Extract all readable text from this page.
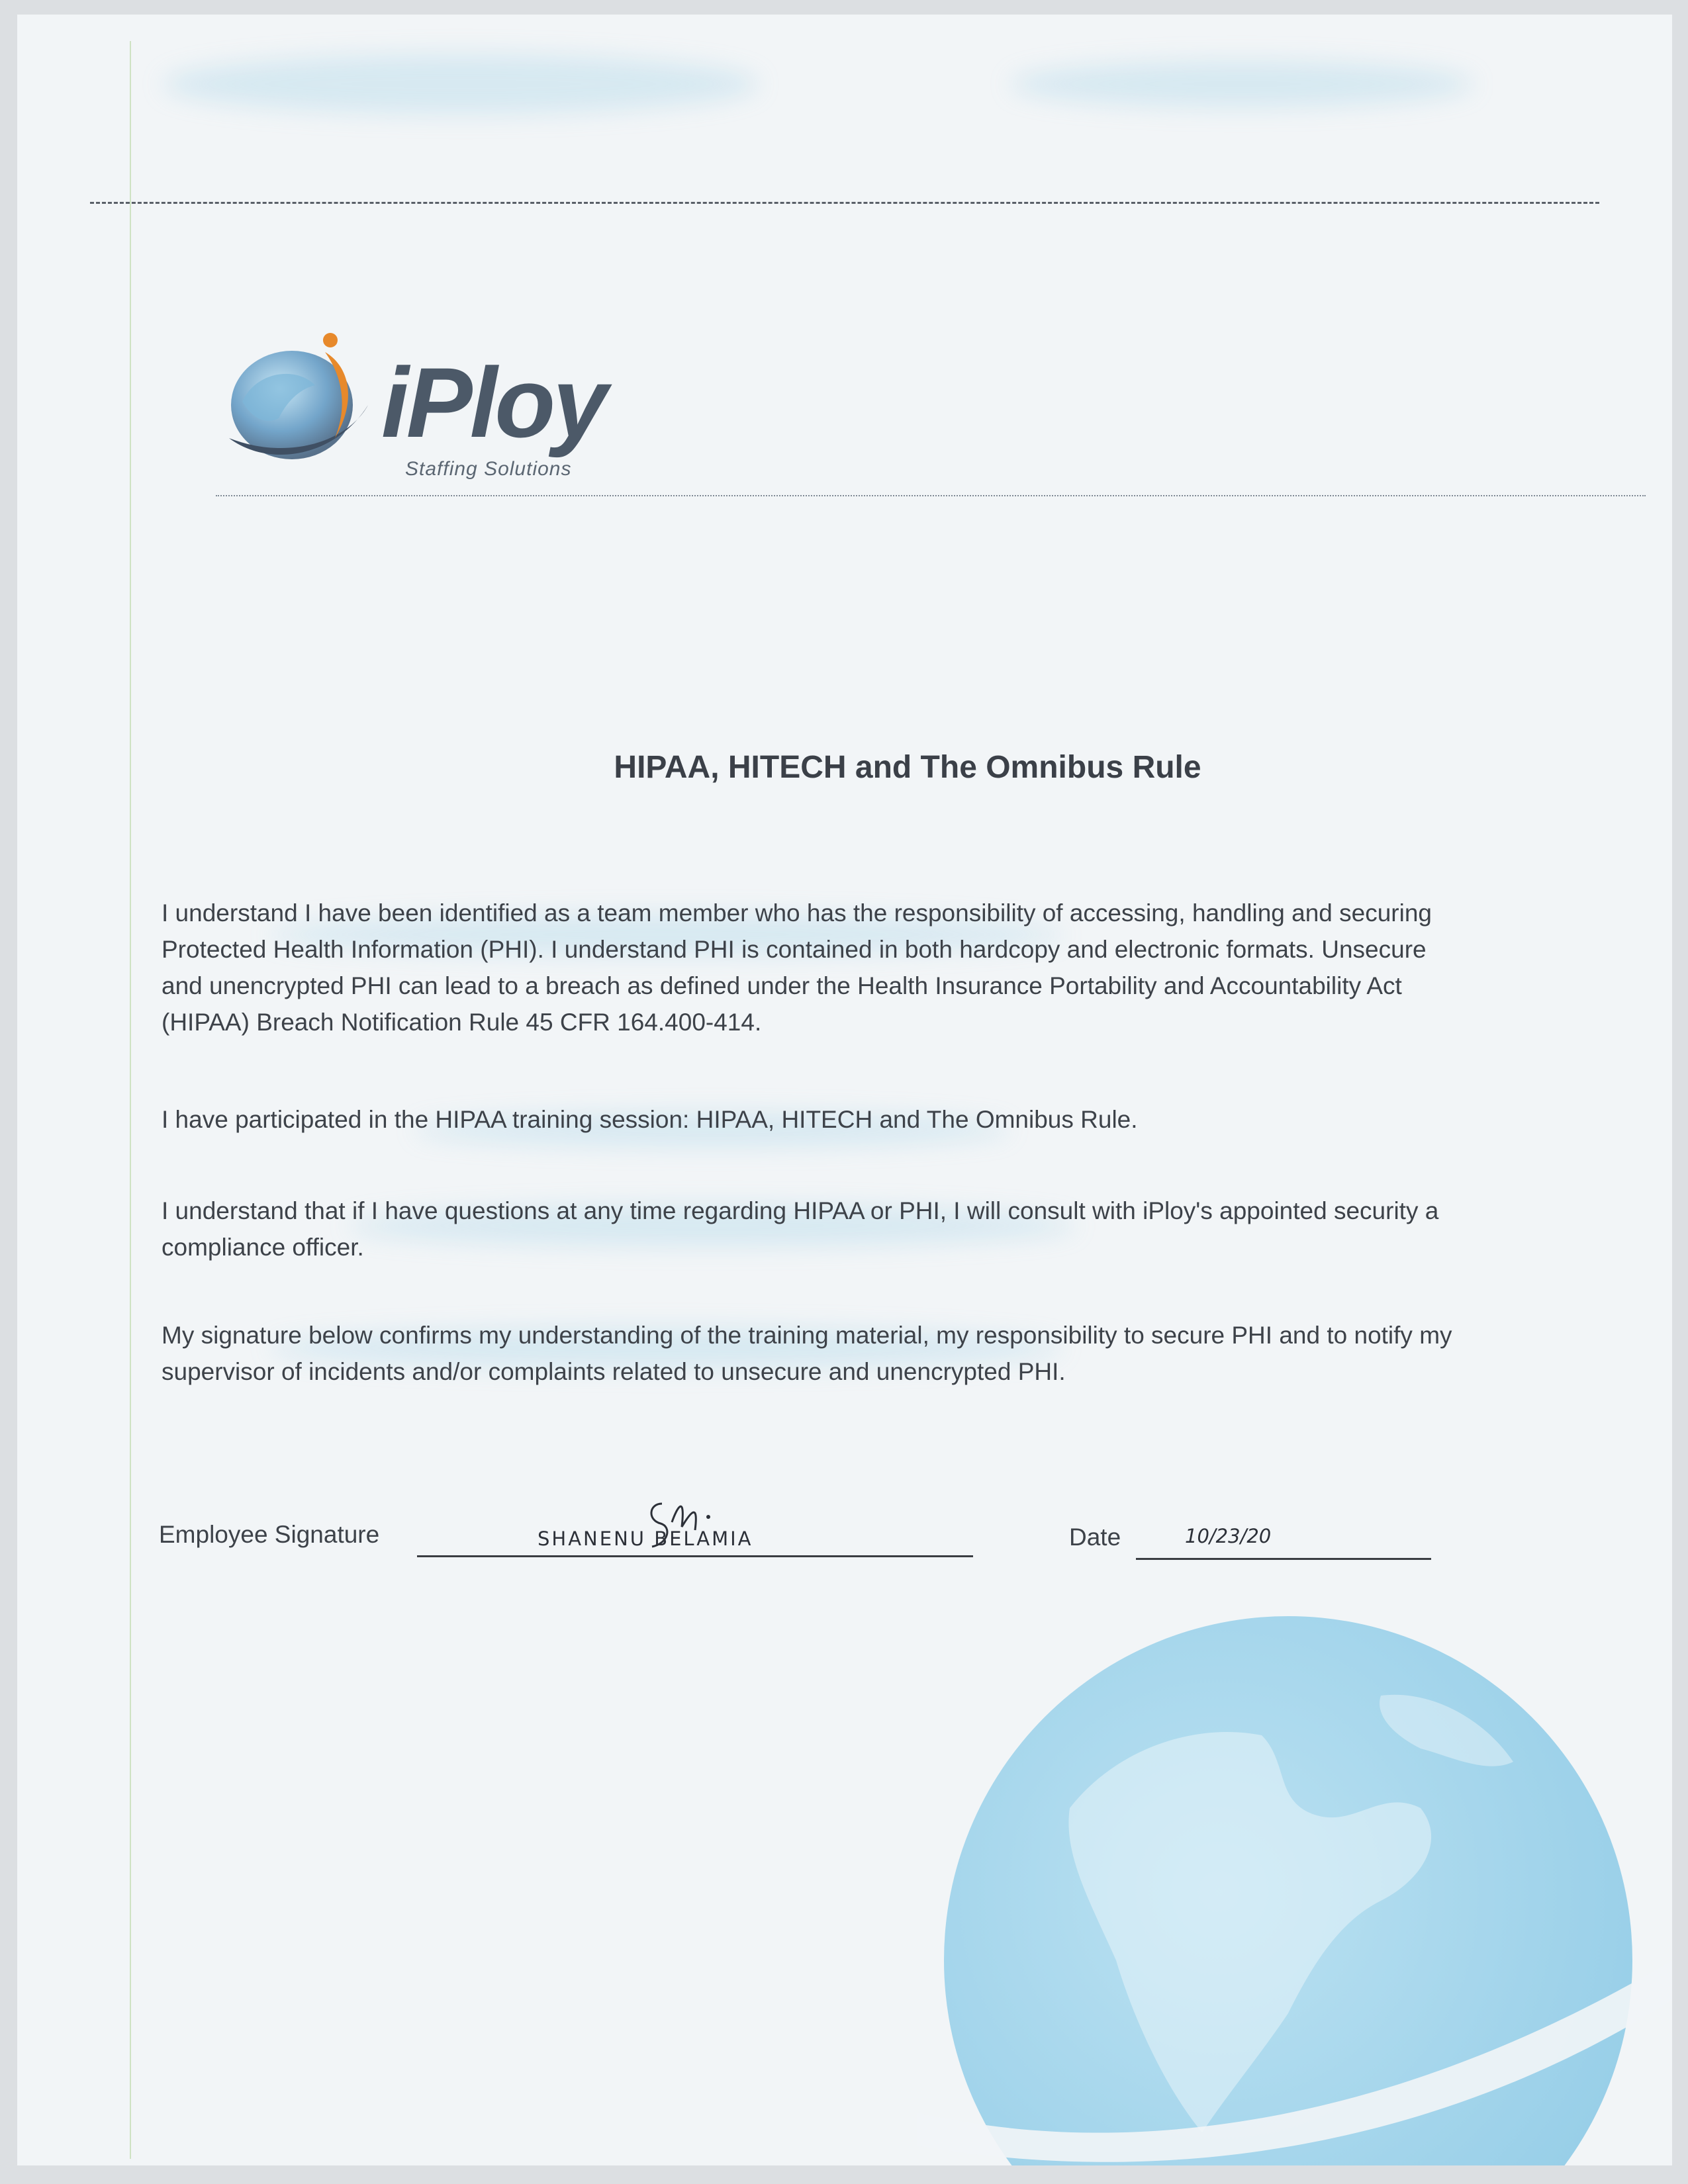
iPloy
Staffing Solutions
HIPAA, HITECH and The Omnibus Rule

I understand I have been identified as a team member who has the responsibility of accessing, handling and securing

Protected Health Information (PHI). I understand PHI is contained in both hardcopy and electronic formats. Unsecure

and unencrypted PHI can lead to a breach as defined under the Health Insurance Portability and Accountability Act

(HIPAA) Breach Notification Rule 45 CFR 164.400-414.

I have participated in the HIPAA training session: HIPAA, HITECH and The Omnibus Rule.

I understand that if I have questions at any time regarding HIPAA or PHI, I will consult with iPloy's appointed security a

compliance officer.

My signature below confirms my understanding of the training material, my responsibility to secure PHI and to notify my

supervisor of incidents and/or complaints related to unsecure and unencrypted PHI.

Employee Signature	SHANENU BELAMIA	Date	10/23/20
